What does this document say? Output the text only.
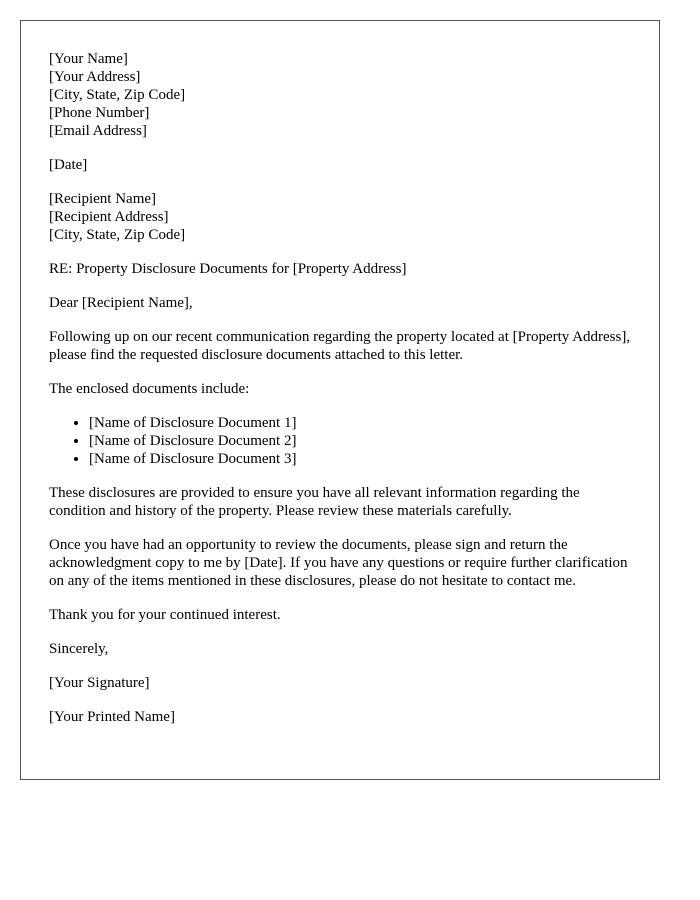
[Your Name]
[Your Address]
[City, State, Zip Code]
[Phone Number]
[Email Address]

[Date]

[Recipient Name]
[Recipient Address]
[City, State, Zip Code]

RE: Property Disclosure Documents for [Property Address]

Dear [Recipient Name],

Following up on our recent communication regarding the property located at [Property Address], please find the requested disclosure documents attached to this letter.

The enclosed documents include:

• [Name of Disclosure Document 1]
• [Name of Disclosure Document 2]
• [Name of Disclosure Document 3]

These disclosures are provided to ensure you have all relevant information regarding the condition and history of the property. Please review these materials carefully.

Once you have had an opportunity to review the documents, please sign and return the acknowledgment copy to me by [Date]. If you have any questions or require further clarification on any of the items mentioned in these disclosures, please do not hesitate to contact me.

Thank you for your continued interest.

Sincerely,

[Your Signature]

[Your Printed Name]
